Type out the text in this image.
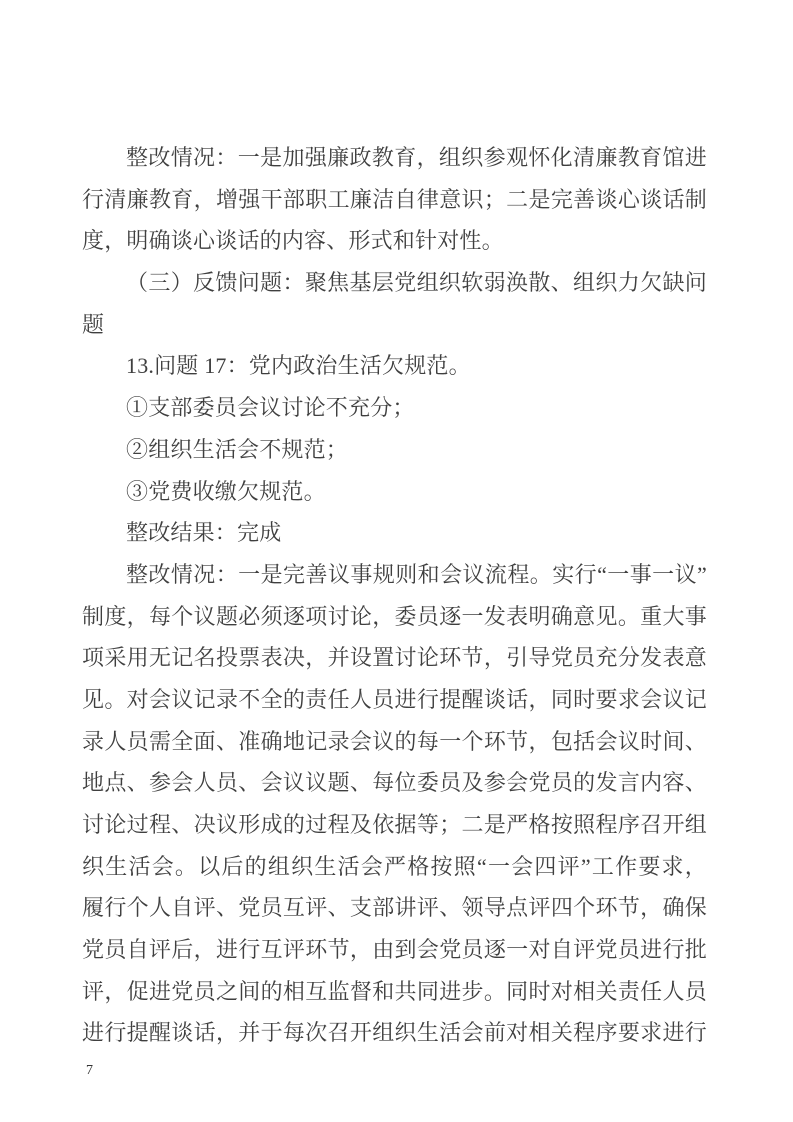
整改情况：一是加强廉政教育，组织参观怀化清廉教育馆进
行清廉教育，增强干部职工廉洁自律意识；二是完善谈心谈话制
度，明确谈心谈话的内容、形式和针对性。
（三）反馈问题：聚焦基层党组织软弱涣散、组织力欠缺问
题
13.问题 17：党内政治生活欠规范。
①支部委员会议讨论不充分；
②组织生活会不规范；
③党费收缴欠规范。
整改结果：完成
整改情况：一是完善议事规则和会议流程。实行“一事一议”
制度，每个议题必须逐项讨论，委员逐一发表明确意见。重大事
项采用无记名投票表决，并设置讨论环节，引导党员充分发表意
见。对会议记录不全的责任人员进行提醒谈话，同时要求会议记
录人员需全面、准确地记录会议的每一个环节，包括会议时间、
地点、参会人员、会议议题、每位委员及参会党员的发言内容、
讨论过程、决议形成的过程及依据等；二是严格按照程序召开组
织生活会。以后的组织生活会严格按照“一会四评”工作要求，
履行个人自评、党员互评、支部讲评、领导点评四个环节，确保
党员自评后，进行互评环节，由到会党员逐一对自评党员进行批
评，促进党员之间的相互监督和共同进步。同时对相关责任人员
进行提醒谈话，并于每次召开组织生活会前对相关程序要求进行
7
